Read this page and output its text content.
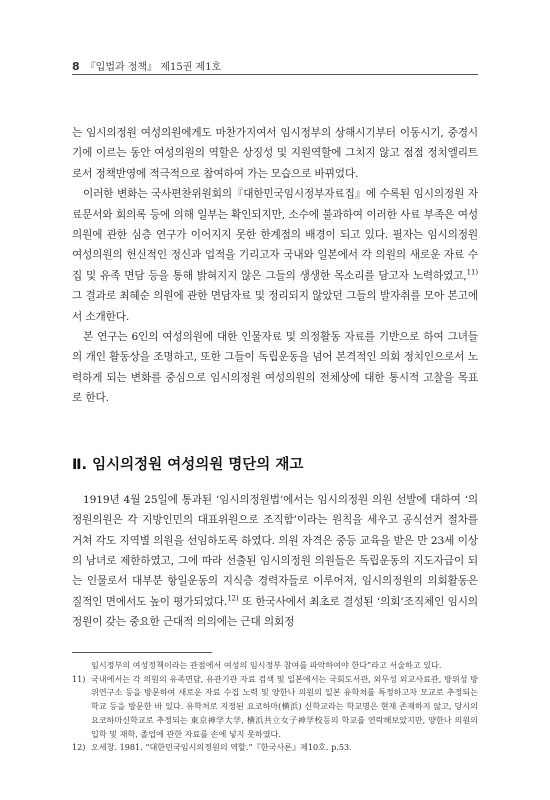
8 『입법과 정책』 제15권 제1호

는 임시의정원 여성의원에게도 마찬가지여서 임시정부의 상해시기부터 이동시기, 중경시기에 이르는 동안 여성의원의 역할은 상징성 및 지원역할에 그치지 않고 점점 정치엘리트로서 정책반영에 적극적으로 참여하여 가는 모습으로 바뀌었다.

이러한 변화는 국사편찬위원회의『대한민국임시정부자료집』에 수록된 임시의정원 자료문서와 회의록 등에 의해 일부는 확인되지만, 소수에 불과하여 이러한 사료 부족은 여성의원에 관한 심층 연구가 이어지지 못한 한계점의 배경이 되고 있다. 필자는 임시의정원 여성의원의 헌신적인 정신과 업적을 기리고자 국내와 일본에서 각 의원의 새로운 자료 수집 및 유족 면담 등을 통해 밝혀지지 않은 그들의 생생한 목소리를 담고자 노력하였고,$^{11)}$ 그 결과로 최혜순 의원에 관한 면담자료 및 정리되지 않았던 그들의 발자취를 모아 본고에서 소개한다.

본 연구는 6인의 여성의원에 대한 인물자료 및 의정활동 자료를 기반으로 하여 그녀들의 개인 활동상을 조명하고, 또한 그들이 독립운동을 넘어 본격적인 의회 정치인으로서 노력하게 되는 변화를 중심으로 임시의정원 여성의원의 전체상에 대한 통시적 고찰을 목표로 한다.

Ⅱ. 임시의정원 여성의원 명단의 재고

1919년 4월 25일에 통과된 ‘임시의정원법’에서는 임시의정원 의원 선발에 대하여 ‘의정원의원은 각 지방인민의 대표위원으로 조직함’이라는 원칙을 세우고 공식선거 절차를 거쳐 각도 지역별 의원을 선임하도록 하였다. 의원 자격은 중등 교육을 받은 만 23세 이상의 남녀로 제한하였고, 그에 따라 선출된 임시의정원 의원들은 독립운동의 지도자급이 되는 인물로서 대부분 항일운동의 지식층 경력자들로 이루어져, 임시의정원의 의회활동은 질적인 면에서도 높이 평가되었다.$^{12)}$ 또 한국사에서 최초로 결성된 ‘의회’조직체인 임시의정원이 갖는 중요한 근대적 의의에는 근대 의회정

임시정부의 여성정책이라는 관점에서 여성의 임시정부 참여를 파악하여야 한다”라고 서술하고 있다.
11) 국내에서는 각 의원의 유족면담, 유관기관 자료 검색 및 일본에서는 국회도서관, 외무성 외교사료관, 방위성 방위연구소 등을 방문하여 새로운 자료 수집 노력 및 양한나 의원의 일본 유학처를 특정하고자 모교로 추정되는 학교 등을 방문한 바 있다. 유학처로 지정된 요코하마(横浜) 신학교라는 학교명은 현재 존재하지 않고, 당시의 요코하마신학교로 추정되는 東京神学大学, 横浜共立女子神学校등의 학교를 연락해보았지만, 양한나 의원의 입학 및 재학, 졸업에 관한 자료를 손에 넣지 못하였다.
12) 오세창. 1981. “대한민국임시의정원의 역할.”『한국사론』제10호. p.53.
